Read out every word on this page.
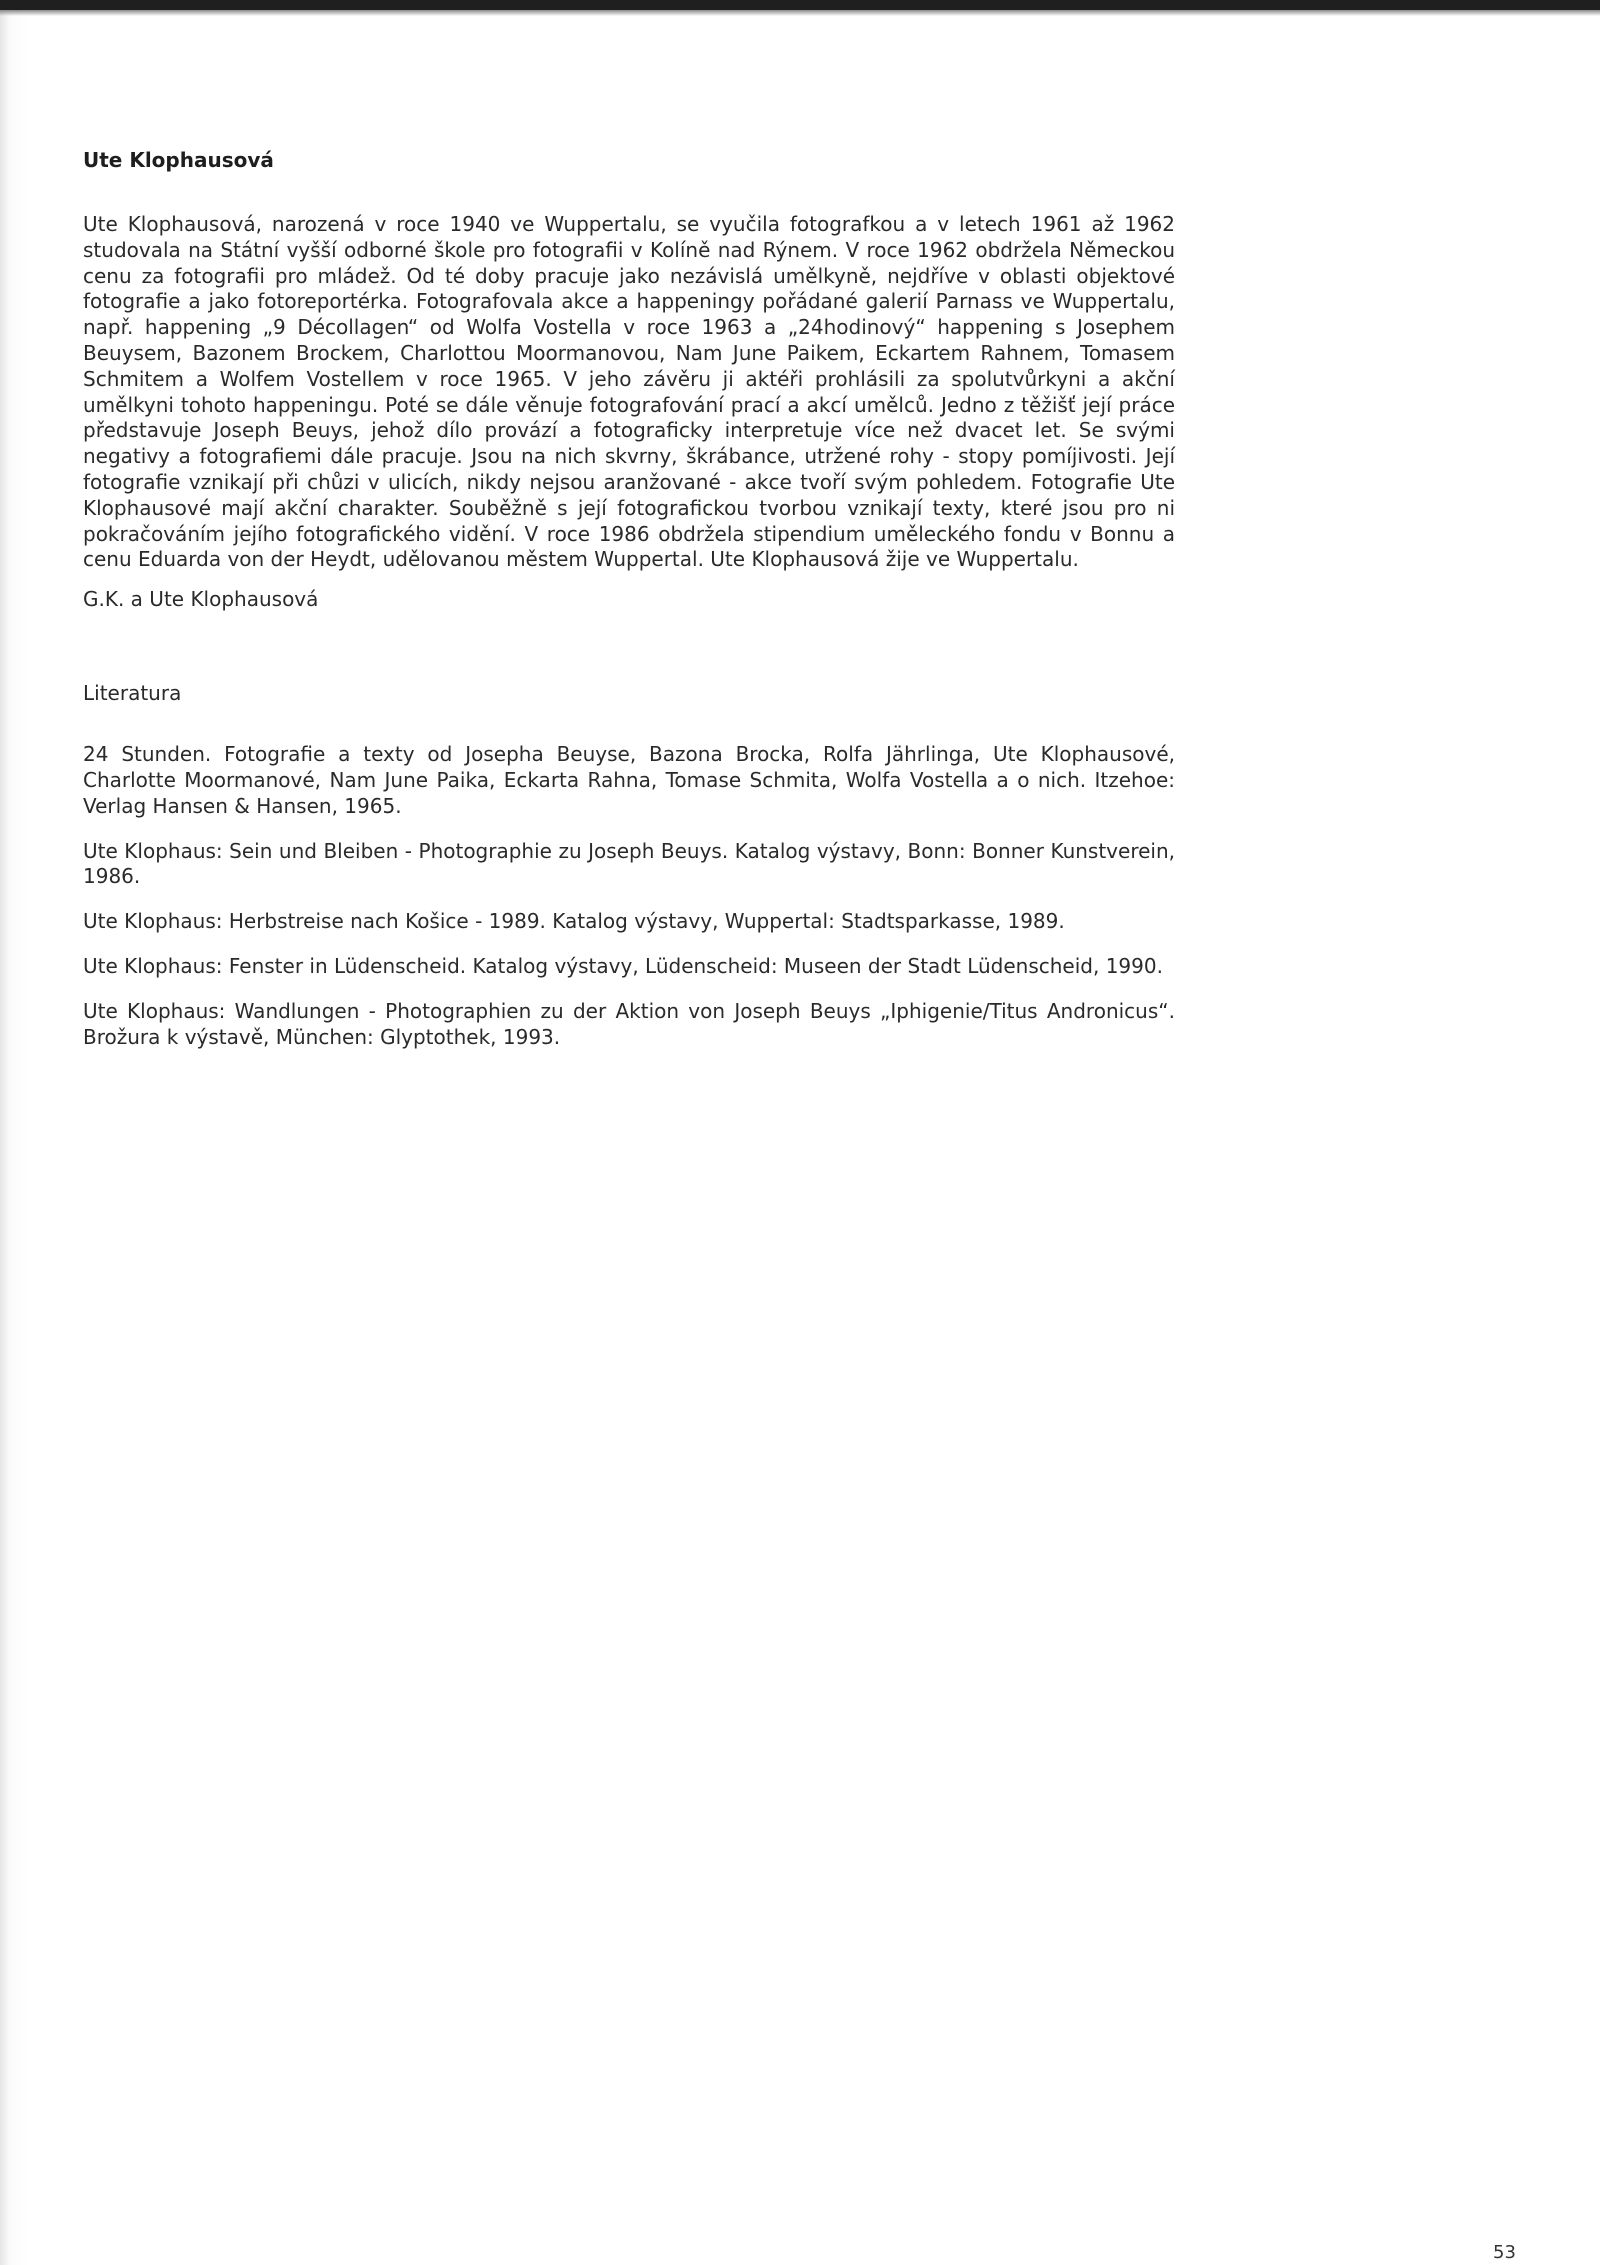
Ute Klophausová

Ute Klophausová, narozená v roce 1940 ve Wuppertalu, se vyučila fotografkou a v letech 1961 až 1962 studovala na Státní vyšší odborné škole pro fotografii v Kolíně nad Rýnem. V roce 1962 obdržela Německou cenu za fotografii pro mládež. Od té doby pracuje jako nezávislá umělkyně, nejdříve v oblasti objektové fotografie a jako fotoreportérka. Fotografovala akce a happeningy pořádané galerií Parnass ve Wuppertalu, např. happening „9 Décollagen“ od Wolfa Vostella v roce 1963 a „24hodinový“ happening s Josephem Beuysem, Bazonem Brockem, Charlottou Moormanovou, Nam June Paikem, Eckartem Rahnem, Tomasem Schmitem a Wolfem Vostellem v roce 1965. V jeho závěru ji aktéři prohlásili za spolutvůrkyni a akční umělkyni tohoto happeningu. Poté se dále věnuje fotografování prací a akcí umělců. Jedno z těžišť její práce představuje Joseph Beuys, jehož dílo provází a fotograficky interpretuje více než dvacet let. Se svými negativy a fotografiemi dále pracuje. Jsou na nich skvrny, škrábance, utržené rohy - stopy pomíjivosti. Její fotografie vznikají při chůzi v ulicích, nikdy nejsou aranžované - akce tvoří svým pohledem. Fotografie Ute Klophausové mají akční charakter. Souběžně s její fotografickou tvorbou vznikají texty, které jsou pro ni pokračováním jejího fotografického vidění. V roce 1986 obdržela stipendium uměleckého fondu v Bonnu a cenu Eduarda von der Heydt, udělovanou městem Wuppertal. Ute Klophausová žije ve Wuppertalu.

G.K. a Ute Klophausová

Literatura

24 Stunden. Fotografie a texty od Josepha Beuyse, Bazona Brocka, Rolfa Jährlinga, Ute Klophausové, Charlotte Moormanové, Nam June Paika, Eckarta Rahna, Tomase Schmita, Wolfa Vostella a o nich. Itzehoe: Verlag Hansen & Hansen, 1965.
Ute Klophaus: Sein und Bleiben - Photographie zu Joseph Beuys. Katalog výstavy, Bonn: Bonner Kunstverein, 1986.
Ute Klophaus: Herbstreise nach Košice - 1989. Katalog výstavy, Wuppertal: Stadtsparkasse, 1989.
Ute Klophaus: Fenster in Lüdenscheid. Katalog výstavy, Lüdenscheid: Museen der Stadt Lüdenscheid, 1990.
Ute Klophaus: Wandlungen - Photographien zu der Aktion von Joseph Beuys „Iphigenie/Titus Andronicus“. Brožura k výstavě, München: Glyptothek, 1993.
53
